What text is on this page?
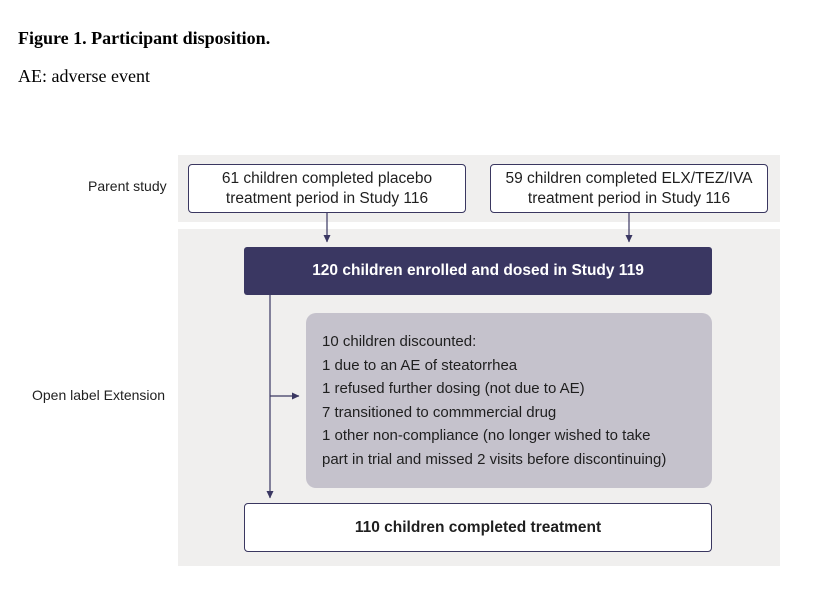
Figure 1. Participant disposition.
AE: adverse event
Parent study
Open label Extension
61 children completed placebo
treatment period in Study 116
59 children completed ELX/TEZ/IVA
treatment period in Study 116
120 children enrolled and dosed in Study 119
10 children discounted:
1 due to an AE of steatorrhea
1 refused further dosing (not due to AE)
7 transitioned to commmercial drug
1 other non-compliance (no longer wished to take
part in trial and missed 2 visits before discontinuing)
110 children completed treatment
